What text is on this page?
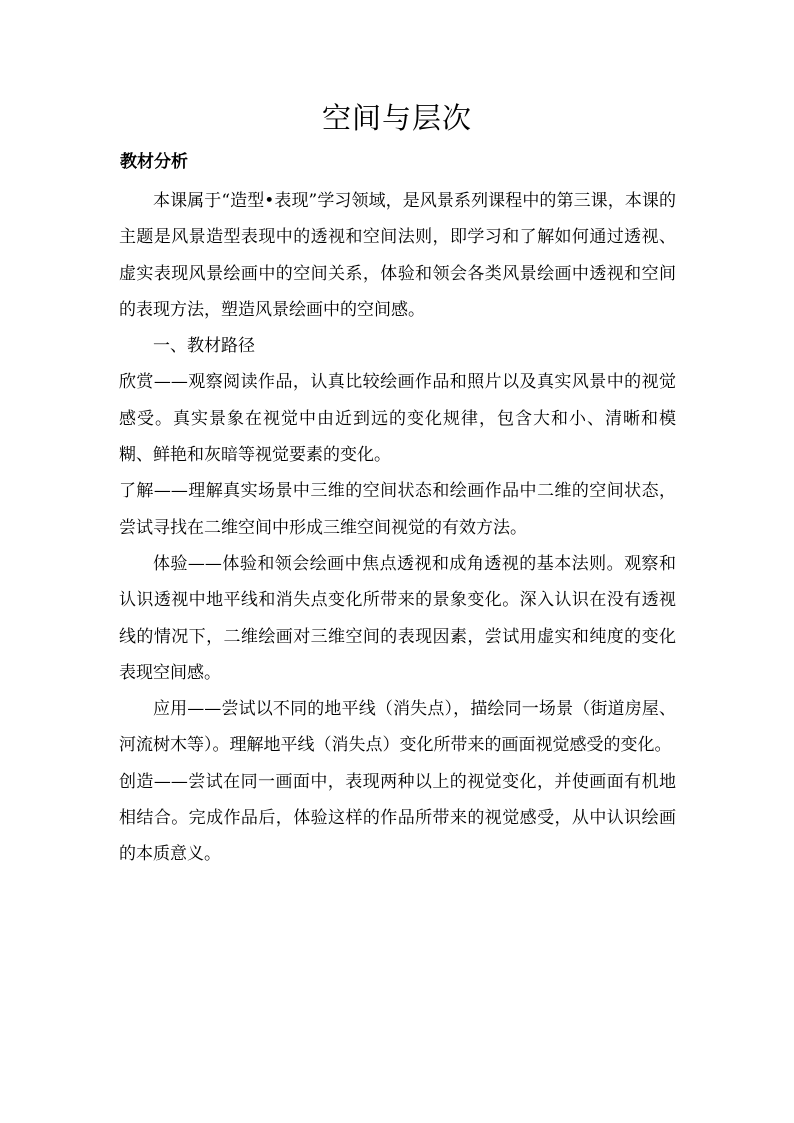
空间与层次
教材分析

本课属于“造型•表现”学习领域，是风景系列课程中的第三课，本课的主题是风景造型表现中的透视和空间法则，即学习和了解如何通过透视、虚实表现风景绘画中的空间关系，体验和领会各类风景绘画中透视和空间的表现方法，塑造风景绘画中的空间感。

一、教材路径

欣赏——观察阅读作品，认真比较绘画作品和照片以及真实风景中的视觉感受。真实景象在视觉中由近到远的变化规律，包含大和小、清晰和模糊、鲜艳和灰暗等视觉要素的变化。

了解——理解真实场景中三维的空间状态和绘画作品中二维的空间状态，尝试寻找在二维空间中形成三维空间视觉的有效方法。

体验——体验和领会绘画中焦点透视和成角透视的基本法则。观察和认识透视中地平线和消失点变化所带来的景象变化。深入认识在没有透视线的情况下，二维绘画对三维空间的表现因素，尝试用虚实和纯度的变化表现空间感。

应用——尝试以不同的地平线（消失点），描绘同一场景（街道房屋、河流树木等）。理解地平线（消失点）变化所带来的画面视觉感受的变化。

创造——尝试在同一画面中，表现两种以上的视觉变化，并使画面有机地相结合。完成作品后，体验这样的作品所带来的视觉感受，从中认识绘画的本质意义。
